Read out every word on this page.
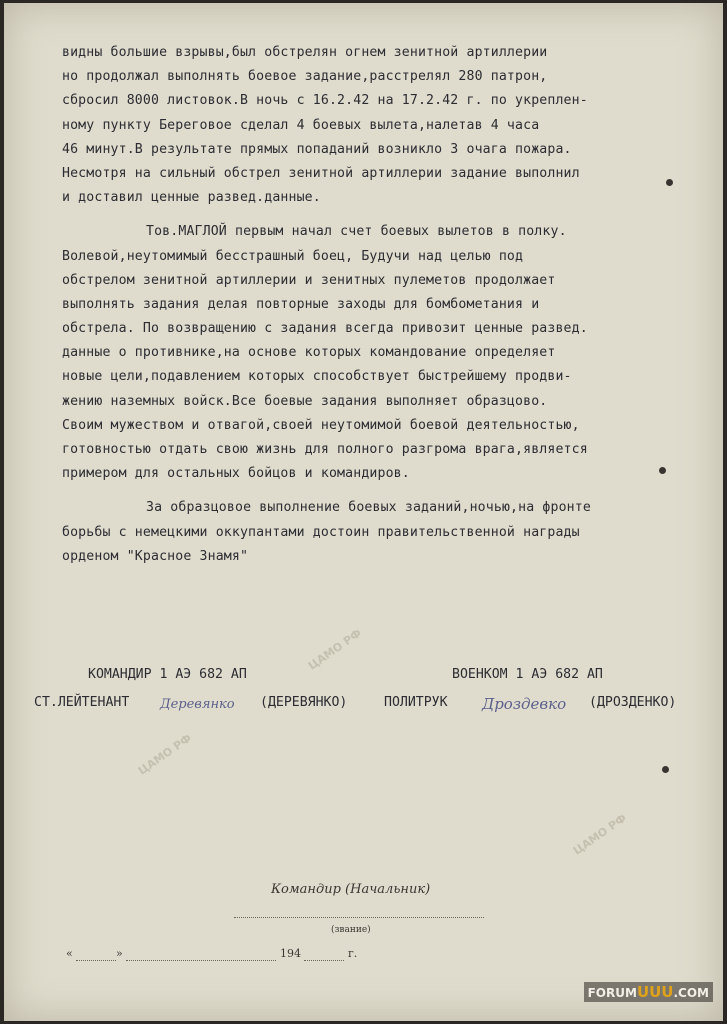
ЦАМО РФ
ЦАМО РФ
ЦАМО РФ
видны большие взрывы,был обстрелян огнем зенитной артиллерии
но продолжал выполнять боевое задание,расстрелял 280 патрон,
сбросил 8000 листовок.В ночь с 16.2.42 на 17.2.42 г. по укреплен-
ному пункту Береговое сделал 4 боевых вылета,налетав 4 часа
46 минут.В результате прямых попаданий возникло 3 очага пожара.
Несмотря на сильный обстрел зенитной артиллерии задание выполнил
и доставил ценные развед.данные.
Тов.МАГЛОЙ первым начал счет боевых вылетов в полку.
Волевой,неутомимый бесстрашный боец, Будучи над целью под
обстрелом зенитной артиллерии и зенитных пулеметов продолжает
выполнять задания делая повторные заходы для бомбометания и
обстрела. По возвращению с задания всегда привозит ценные развед.
данные о противнике,на основе которых командование определяет
новые цели,подавлением которых способствует быстрейшему продви-
жению наземных войск.Все боевые задания выполняет образцово.
Своим мужеством и отвагой,своей неутомимой боевой деятельностью,
готовностью отдать свою жизнь для полного разгрома врага,является
примером для остальных бойцов и командиров.
За образцовое выполнение боевых заданий,ночью,на фронте
борьбы с немецкими оккупантами достоин правительственной награды
орденом "Красное Знамя"
КОМАНДИР 1 АЭ 682 АП	ВОЕНКОМ 1 АЭ 682 АП
СТ.ЛЕЙТЕНАНТ Деревянко (ДЕРЕВЯНКО)	ПОЛИТРУК Дроздевко (ДРОЗДЕНКО)
Командир (Начальник)
(звание)
«	»	194	г.
FORUMUUU.COM
